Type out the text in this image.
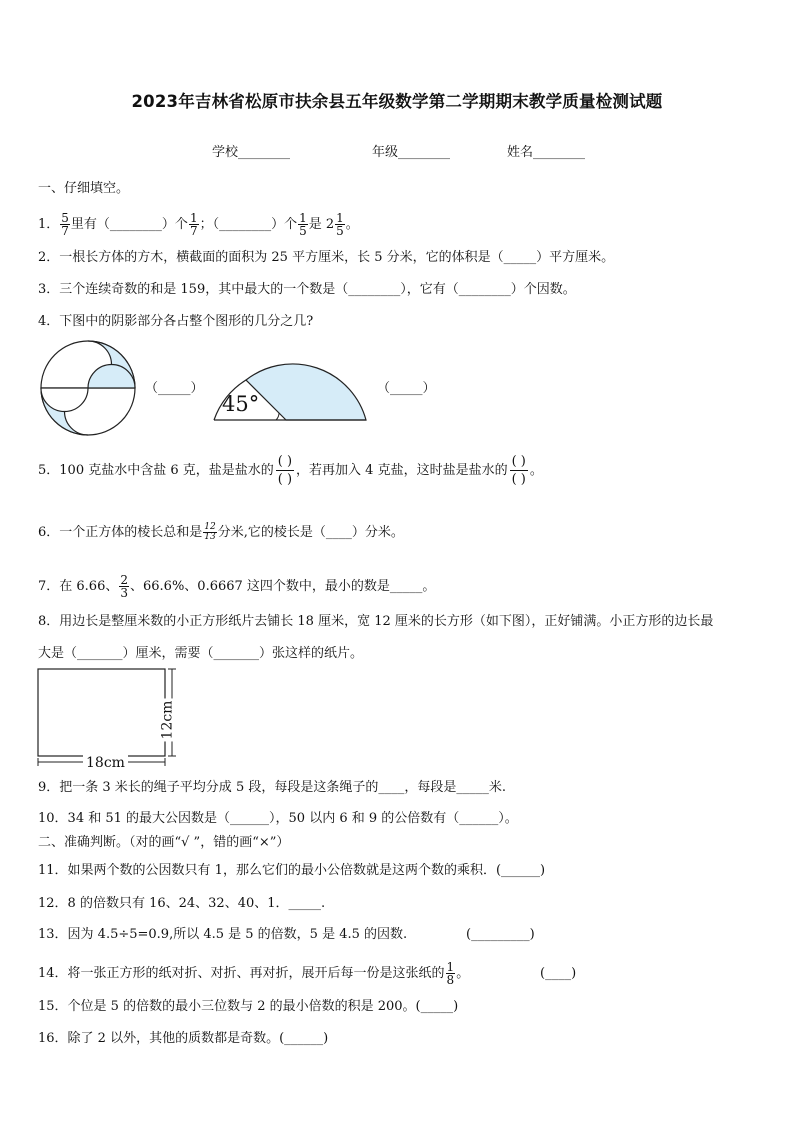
2023年吉林省松原市扶余县五年级数学第二学期期末教学质量检测试题
学校________	年级________	姓名________
一、仔细填空。
1． $\frac{5}{7}$ 里有（________）个 $\frac{1}{7}$ ；（________）个 $\frac{1}{5}$ 是 $2 \frac{1}{5}$ 。
2．一根长方体的方木，横截面的面积为 25 平方厘米，长 5 分米，它的体积是（_____）平方厘米。
3．三个连续奇数的和是 159，其中最大的一个数是（________），它有（________）个因数。
4．下图中的阴影部分各占整个图形的几分之几?
（_____）
45°
（_____）
5．100 克盐水中含盐 6 克，盐是盐水的 $\frac{( )}{( )}$ ，若再加入 4 克盐，这时盐是盐水的 $\frac{( )}{( )}$ 。
6．一个正方体的棱长总和是 $\frac{12}{13}$ 分米,它的棱长是（____）分米。
7．在 6.66、 $\frac{2}{3}$ 、66.6%、0.6667 这四个数中，最小的数是_____。
8．用边长是整厘米数的小正方形纸片去铺长 18 厘米，宽 12 厘米的长方形（如下图），正好铺满。小正方形的边长最
大是（_______）厘米，需要（_______）张这样的纸片。
18cm
12cm
9．把一条 3 米长的绳子平均分成 5 段，每段是这条绳子的____，每段是_____米.
10．34 和 51 的最大公因数是（______），50 以内 6 和 9 的公倍数有（______）。
二、准确判断。（对的画“√ ”，错的画“×”）
11．如果两个数的公因数只有 1，那么它们的最小公倍数就是这两个数的乘积．(______)
12．8 的倍数只有 16、24、32、40、1．_____.
13．因为 4.5÷5=0.9,所以 4.5 是 5 的倍数，5 是 4.5 的因数.	(_________)
14．将一张正方形的纸对折、对折、再对折，展开后每一份是这张纸的 $\frac{1}{8}$ 。	(____)
15．个位是 5 的倍数的最小三位数与 2 的最小倍数的积是 200。(_____)
16．除了 2 以外，其他的质数都是奇数。(______)
